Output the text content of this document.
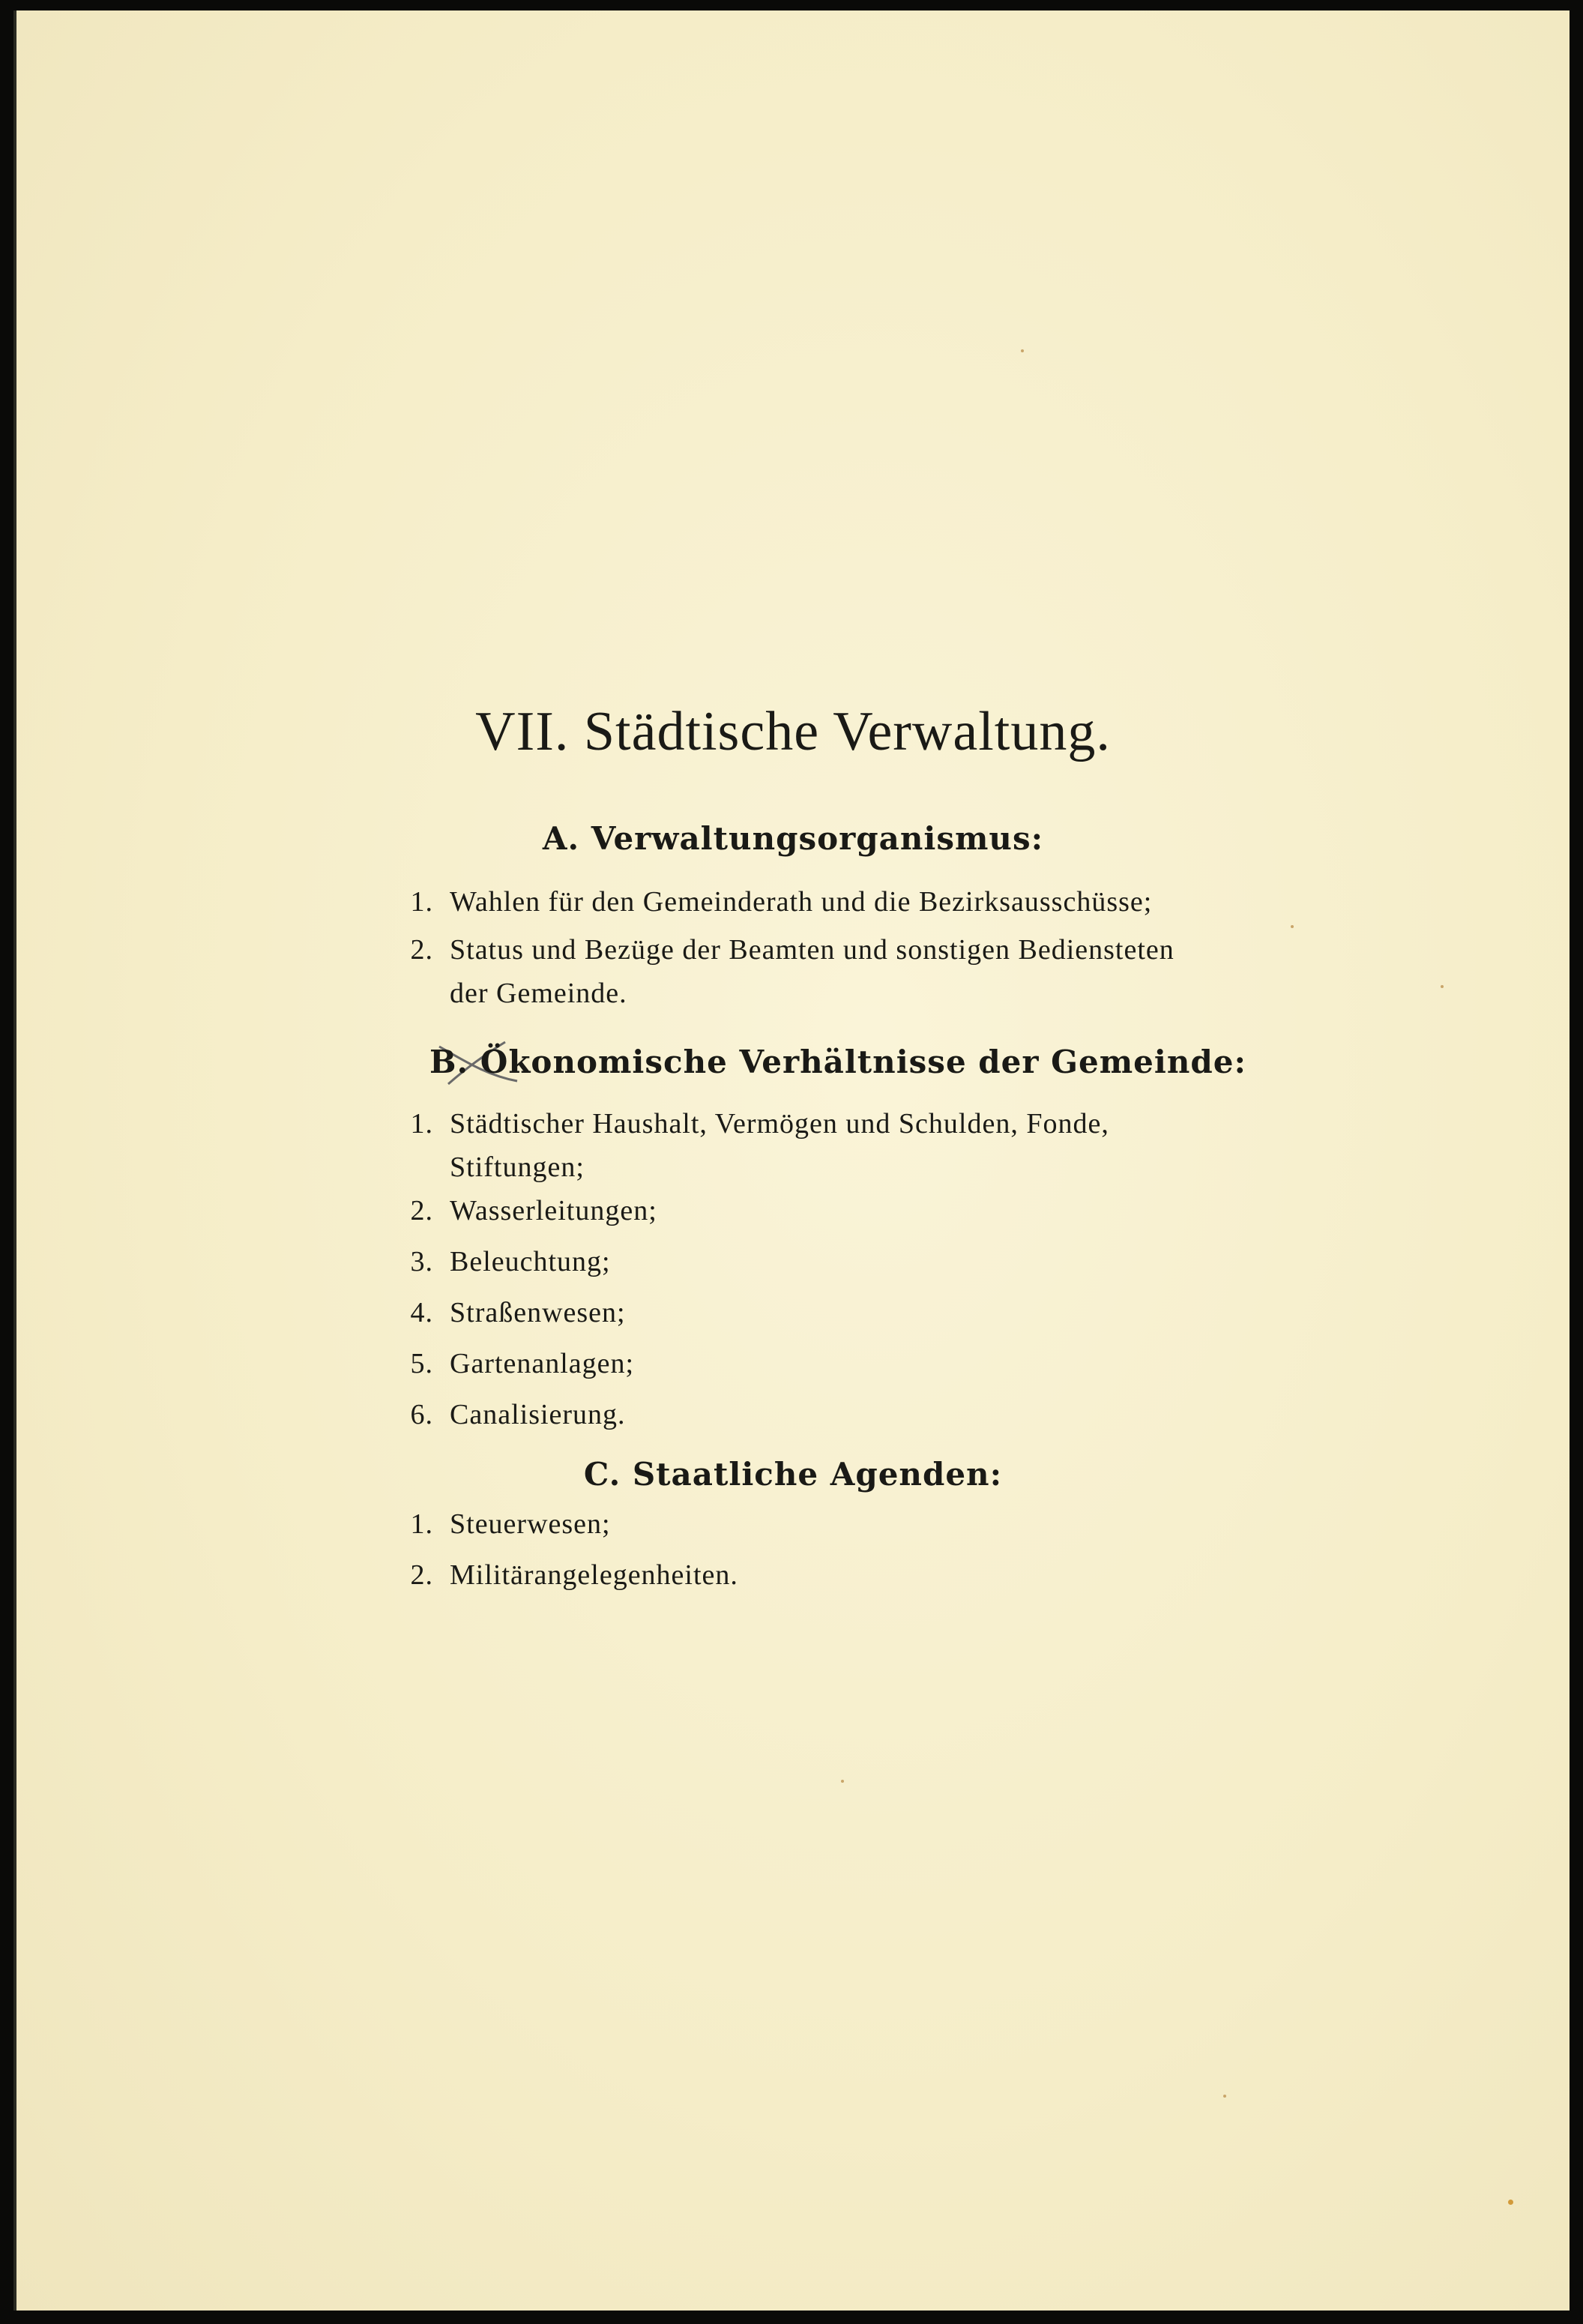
VII. Städtische Verwaltung.
A. Verwaltungsorganismus:
1. Wahlen für den Gemeinderath und die Bezirksausschüsse;
2. Status und Bezüge der Beamten und sonstigen Bediensteten
der Gemeinde.
B. Ökonomische Verhältnisse der Gemeinde:
1. Städtischer Haushalt, Vermögen und Schulden, Fonde,
Stiftungen;
2. Wasserleitungen;
3. Beleuchtung;
4. Straßenwesen;
5. Gartenanlagen;
6. Canalisierung.
C. Staatliche Agenden:
1. Steuerwesen;
2. Militärangelegenheiten.
